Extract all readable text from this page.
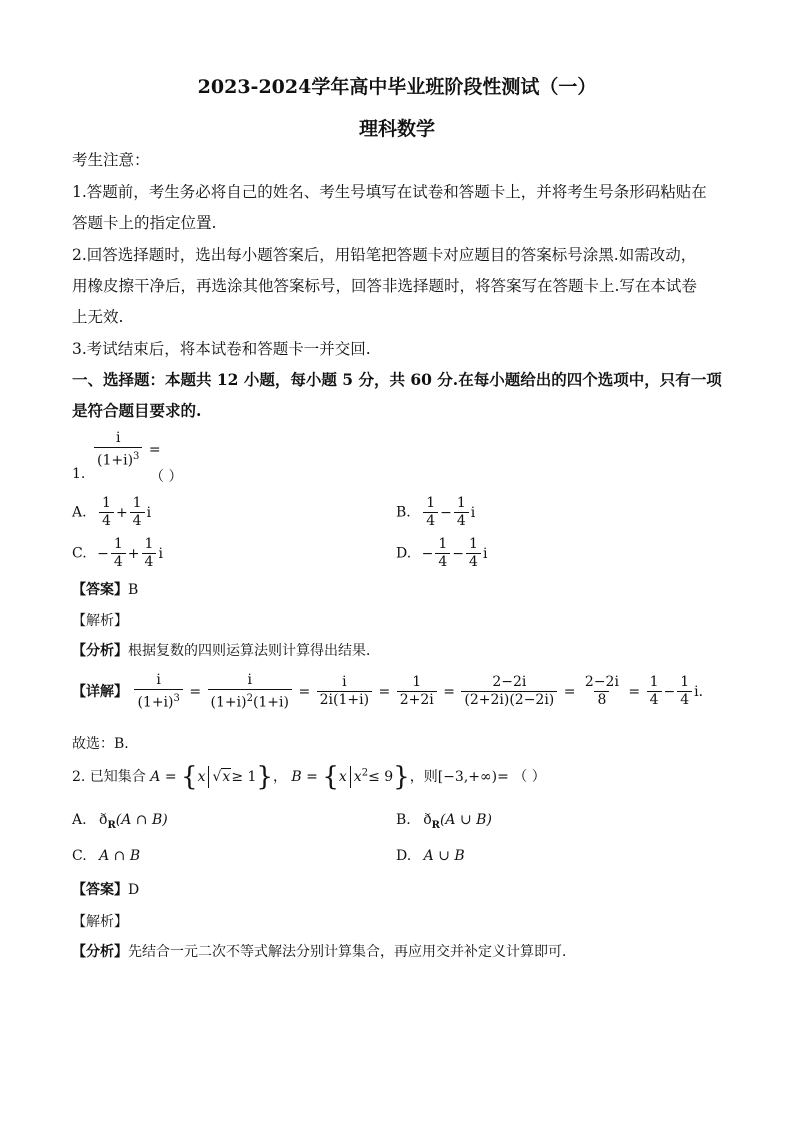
2023-2024学年高中毕业班阶段性测试（一）
理科数学
考生注意：
1.答题前，考生务必将自己的姓名、考生号填写在试卷和答题卡上，并将考生号条形码粘贴在
答题卡上的指定位置.
2.回答选择题时，选出每小题答案后，用铅笔把答题卡对应题目的答案标号涂黑.如需改动，
用橡皮擦干净后，再选涂其他答案标号，回答非选择题时，将答案写在答题卡上.写在本试卷
上无效.
3.考试结束后，将本试卷和答题卡一并交回.
一、选择题：本题共 12 小题，每小题 5 分，共 60 分.在每小题给出的四个选项中，只有一项
是符合题目要求的.
$\frac{i}{(1+i)^3}$ =
1.	（ ）
A. $\frac{1}{4} + \frac{1}{4}$ i	B. $\frac{1}{4} - \frac{1}{4}$ i
C. − $\frac{1}{4} + \frac{1}{4}$ i	D. − $\frac{1}{4} - \frac{1}{4}$ i
【答案】B
【解析】
【分析】根据复数的四则运算法则计算得出结果．
【详解】 $\frac{i}{(1+i)^3} = \frac{i}{(1+i)^2(1+i)} = \frac{i}{2i(1+i)} = \frac{1}{2+2i} = \frac{2-2i}{(2+2i)(2-2i)} = \frac{2-2i}{8} = \frac{1}{4} - \frac{1}{4}$ i．
故选：B.
2. 已知集合 A = {x √x≥ 1}， B = {x $x^2\le 9$}，则[−3,+∞)= （ ）
A. $ð_R(A$ ∩ B)	B. $ð_R(A$ ∪ B)
C. A ∩ B	D. A ∪ B
【答案】D
【解析】
【分析】先结合一元二次不等式解法分别计算集合，再应用交并补定义计算即可．
